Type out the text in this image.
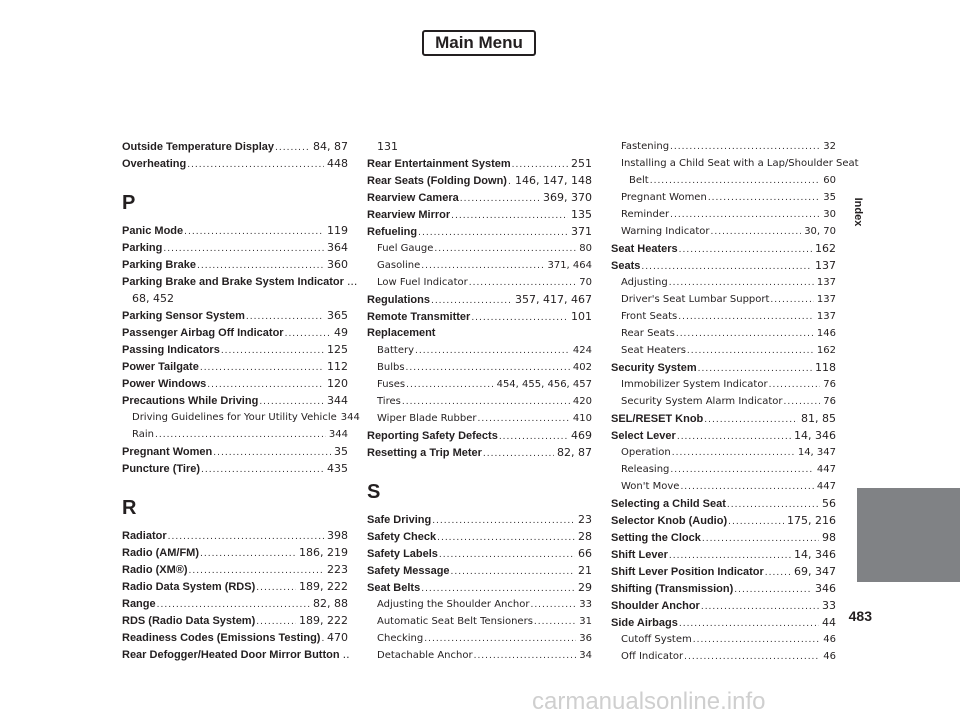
Main Menu
Index
483
carmanualsonline.info
Outside Temperature Display .....	84, 87
Overheating .....	448
P
Panic Mode .....	119
Parking .....	364
Parking Brake .....	360
Parking Brake and Brake System Indicator ...
68, 452
Parking Sensor System .....	365
Passenger Airbag Off Indicator .....	49
Passing Indicators .....	125
Power Tailgate .....	112
Power Windows .....	120
Precautions While Driving .....	344
Driving Guidelines for Your Utility Vehicle 344
Rain .....	344
Pregnant Women .....	35
Puncture (Tire) .....	435
R
Radiator .....	398
Radio (AM/FM) .....	186, 219
Radio (XM®) .....	223
Radio Data System (RDS) .....	189, 222
Range .....	82, 88
RDS (Radio Data System) .....	189, 222
Readiness Codes (Emissions Testing) ..... 470
Rear Defogger/Heated Door Mirror Button ..
131
Rear Entertainment System .....	251
Rear Seats (Folding Down) ..... 146, 147, 148
Rearview Camera .....	369, 370
Rearview Mirror .....	135
Refueling .....	371
Fuel Gauge .....	80
Gasoline .....	371, 464
Low Fuel Indicator .....	70
Regulations .....	357, 417, 467
Remote Transmitter .....	101
Replacement
Battery .....	424
Bulbs .....	402
Fuses .....	454, 455, 456, 457
Tires .....	420
Wiper Blade Rubber .....	410
Reporting Safety Defects .....	469
Resetting a Trip Meter .....	82, 87
S
Safe Driving .....	23
Safety Check .....	28
Safety Labels .....	66
Safety Message .....	21
Seat Belts .....	29
Adjusting the Shoulder Anchor .....	33
Automatic Seat Belt Tensioners .....	31
Checking .....	36
Detachable Anchor .....	34
Fastening .....	32
Installing a Child Seat with a Lap/Shoulder Seat
Belt .....	60
Pregnant Women .....	35
Reminder .....	30
Warning Indicator .....	30, 70
Seat Heaters .....	162
Seats .....	137
Adjusting .....	137
Driver's Seat Lumbar Support .....	137
Front Seats .....	137
Rear Seats .....	146
Seat Heaters .....	162
Security System .....	118
Immobilizer System Indicator .....	76
Security System Alarm Indicator .....	76
SEL/RESET Knob .....	81, 85
Select Lever .....	14, 346
Operation .....	14, 347
Releasing .....	447
Won't Move .....	447
Selecting a Child Seat .....	56
Selector Knob (Audio) .....	175, 216
Setting the Clock .....	98
Shift Lever .....	14, 346
Shift Lever Position Indicator .....	69, 347
Shifting (Transmission) .....	346
Shoulder Anchor .....	33
Side Airbags .....	44
Cutoff System .....	46
Off Indicator .....	46
